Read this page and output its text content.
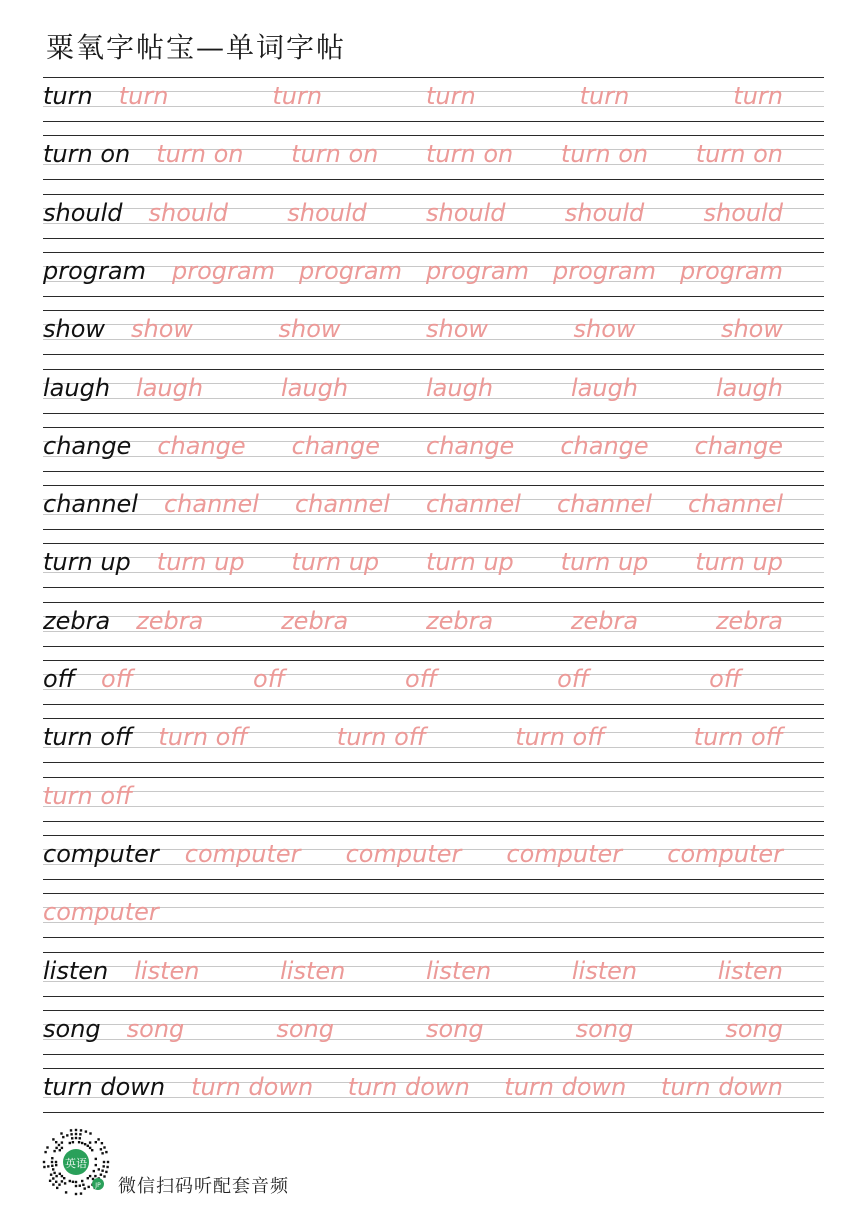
粟氧字帖宝—单词字帖
turn turn	turn	turn	turn	turn
turn on turn on turn on turn on turn on turn on
should should should should should should
program program program program program program
show show	show	show	show	show
laugh laugh	laugh	laugh	laugh	laugh
change change change change change change
channel channel channel channel channel channel
turn up turn up turn up turn up turn up turn up
zebra zebra	zebra	zebra	zebra	zebra
off off	off	off	off	off
turn off turn off	turn off	turn off	turn off
turn off
computer computer computer computer computer
computer
listen listen	listen	listen	listen	listen
song song	song	song	song	song
turn down turn down turn down turn down turn down
英语
JP 微信扫码听配套音频
